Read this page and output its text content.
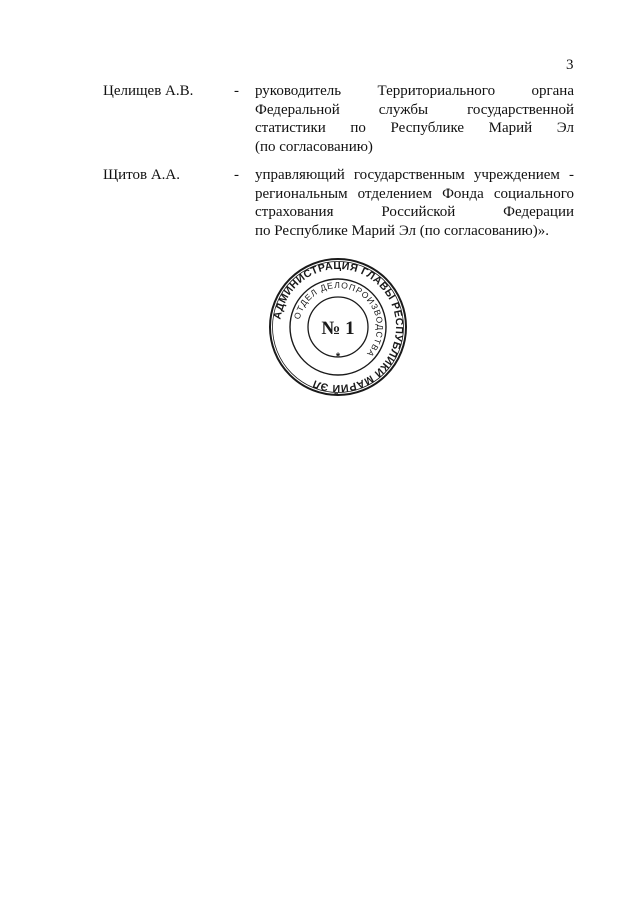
3
Целищев А.В.	- руководитель Территориального органа
Федеральной службы государственной
статистики по Республике Марий Эл
(по согласованию)
Щитов А.А.	- управляющий государственным учреждением -
региональным отделением Фонда социального
страхования Российской Федерации
по Республике Марий Эл (по согласованию)».
АДМИНИСТРАЦИЯ ГЛАВЫ РЕСПУБЛИКИ МАРИЙ ЭЛ
ОТДЕЛ ДЕЛОПРОИЗВОДСТВА
№ 1
*
